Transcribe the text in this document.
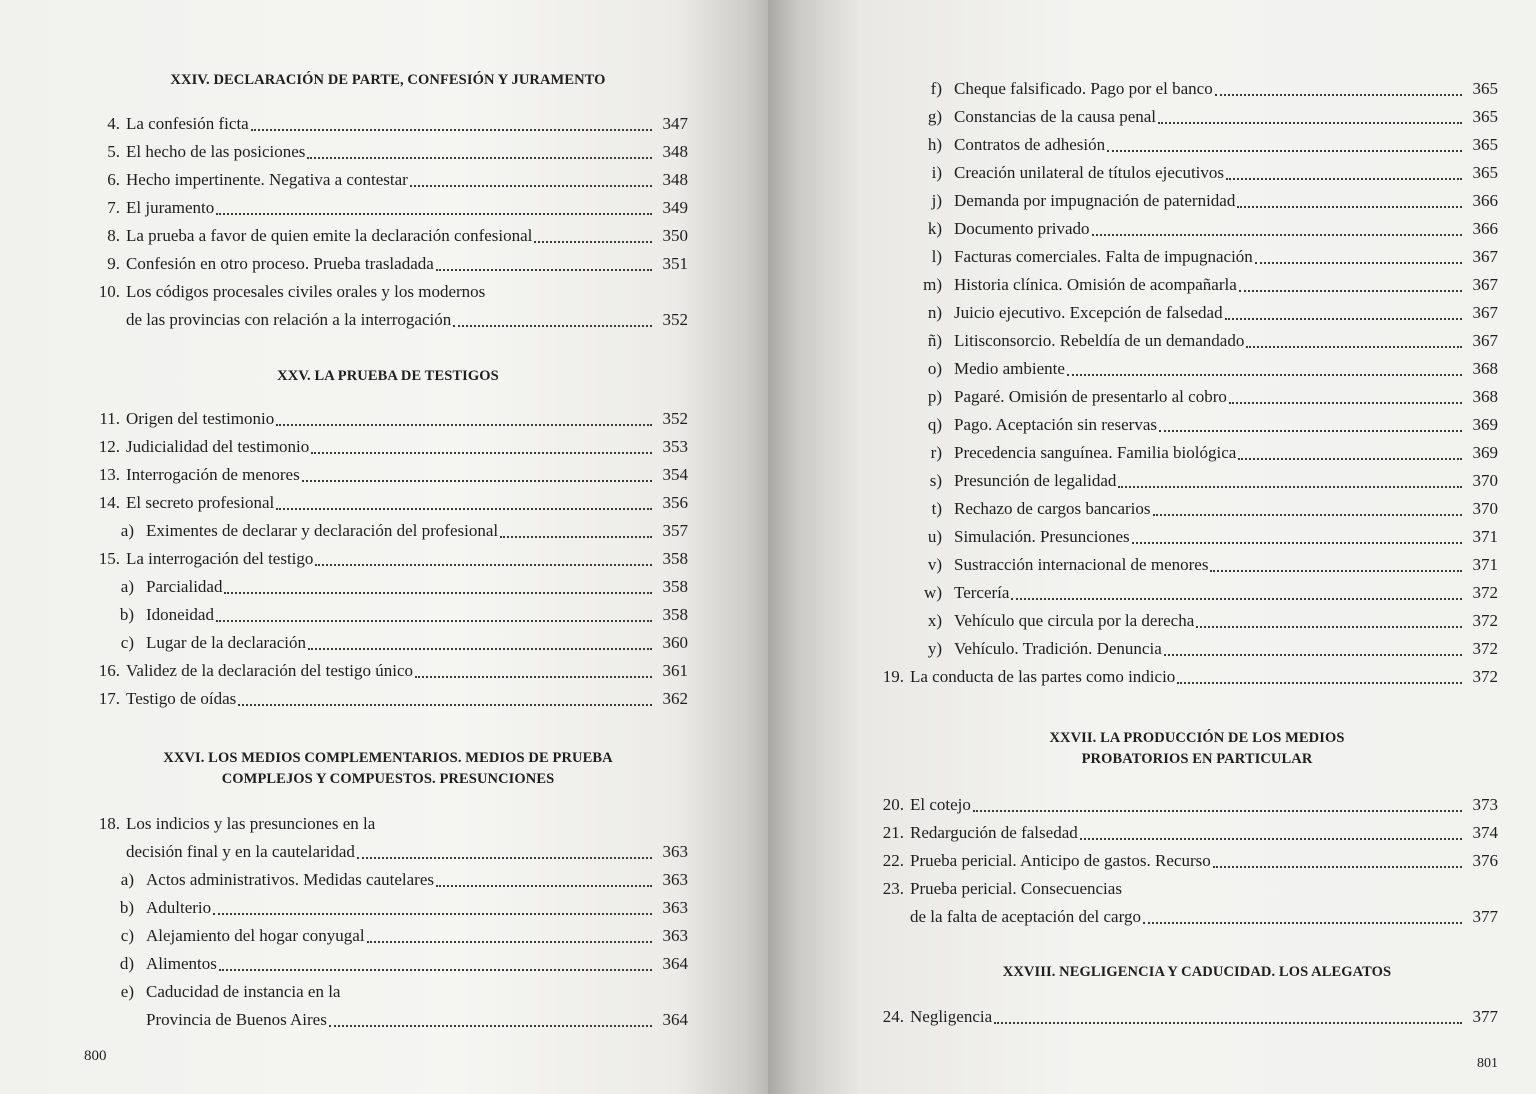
XXIV. DECLARACIÓN DE PARTE, CONFESIÓN Y JURAMENTO
4. La confesión ficta	347
5. El hecho de las posiciones	348
6. Hecho impertinente. Negativa a contestar	348
7. El juramento	349
8. La prueba a favor de quien emite la declaración confesional	350
9. Confesión en otro proceso. Prueba trasladada	351
10. Los códigos procesales civiles orales y los modernos
de las provincias con relación a la interrogación	352
XXV. LA PRUEBA DE TESTIGOS
11. Origen del testimonio	352
12. Judicialidad del testimonio	353
13. Interrogación de menores	354
14. El secreto profesional	356
a) Eximentes de declarar y declaración del profesional	357
15. La interrogación del testigo	358
a) Parcialidad	358
b) Idoneidad	358
c) Lugar de la declaración	360
16. Validez de la declaración del testigo único	361
17. Testigo de oídas	362
XXVI. LOS MEDIOS COMPLEMENTARIOS. MEDIOS DE PRUEBA
COMPLEJOS Y COMPUESTOS. PRESUNCIONES
18. Los indicios y las presunciones en la
decisión final y en la cautelaridad	363
a) Actos administrativos. Medidas cautelares	363
b) Adulterio	363
c) Alejamiento del hogar conyugal	363
d) Alimentos	364
e) Caducidad de instancia en la
Provincia de Buenos Aires	364
800
f) Cheque falsificado. Pago por el banco	365
g) Constancias de la causa penal	365
h) Contratos de adhesión	365
i) Creación unilateral de títulos ejecutivos	365
j) Demanda por impugnación de paternidad	366
k) Documento privado	366
l) Facturas comerciales. Falta de impugnación	367
m) Historia clínica. Omisión de acompañarla	367
n) Juicio ejecutivo. Excepción de falsedad	367
ñ) Litisconsorcio. Rebeldía de un demandado	367
o) Medio ambiente	368
p) Pagaré. Omisión de presentarlo al cobro	368
q) Pago. Aceptación sin reservas	369
r) Precedencia sanguínea. Familia biológica	369
s) Presunción de legalidad	370
t) Rechazo de cargos bancarios	370
u) Simulación. Presunciones	371
v) Sustracción internacional de menores	371
w) Tercería	372
x) Vehículo que circula por la derecha	372
y) Vehículo. Tradición. Denuncia	372
19. La conducta de las partes como indicio	372
XXVII. LA PRODUCCIÓN DE LOS MEDIOS
PROBATORIOS EN PARTICULAR
20. El cotejo	373
21. Redargución de falsedad	374
22. Prueba pericial. Anticipo de gastos. Recurso	376
23. Prueba pericial. Consecuencias
de la falta de aceptación del cargo	377
XXVIII. NEGLIGENCIA Y CADUCIDAD. LOS ALEGATOS
24. Negligencia	377
801
